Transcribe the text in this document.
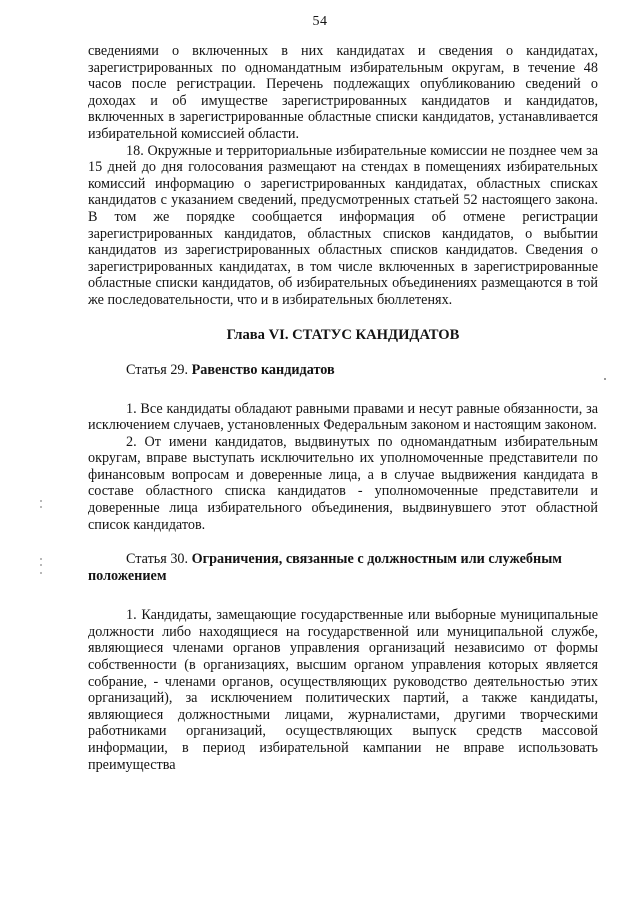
54

сведениями о включенных в них кандидатах и сведения о кандидатах, зарегистрированных по одномандатным избирательным округам, в течение 48 часов после регистрации. Перечень подлежащих опубликованию сведений о доходах и об имуществе зарегистрированных кандидатов и кандидатов, включенных в зарегистрированные областные списки кандидатов, устанавливается избирательной комиссией области.

18. Окружные и территориальные избирательные комиссии не позднее чем за 15 дней до дня голосования размещают на стендах в помещениях избирательных комиссий информацию о зарегистрированных кандидатах, областных списках кандидатов с указанием сведений, предусмотренных статьей 52 настоящего закона. В том же порядке сообщается информация об отмене регистрации зарегистрированных кандидатов, областных списков кандидатов, о выбытии кандидатов из зарегистрированных областных списков кандидатов. Сведения о зарегистрированных кандидатах, в том числе включенных в зарегистрированные областные списки кандидатов, об избирательных объединениях размещаются в той же последовательности, что и в избирательных бюллетенях.

Глава VI. СТАТУС КАНДИДАТОВ

Статья 29. Равенство кандидатов

1. Все кандидаты обладают равными правами и несут равные обязанности, за исключением случаев, установленных Федеральным законом и настоящим законом.

2. От имени кандидатов, выдвинутых по одномандатным избирательным округам, вправе выступать исключительно их уполномоченные представители по финансовым вопросам и доверенные лица, а в случае выдвижения кандидата в составе областного списка кандидатов - уполномоченные представители и доверенные лица избирательного объединения, выдвинувшего этот областной список кандидатов.

Статья 30. Ограничения, связанные с должностным или служебным положением

1. Кандидаты, замещающие государственные или выборные муниципальные должности либо находящиеся на государственной или муниципальной службе, являющиеся членами органов управления организаций независимо от формы собственности (в организациях, высшим органом управления которых является собрание, - членами органов, осуществляющих руководство деятельностью этих организаций), за исключением политических партий, а также кандидаты, являющиеся должностными лицами, журналистами, другими творческими работниками организаций, осуществляющих выпуск средств массовой информации, в период избирательной кампании не вправе использовать преимущества
